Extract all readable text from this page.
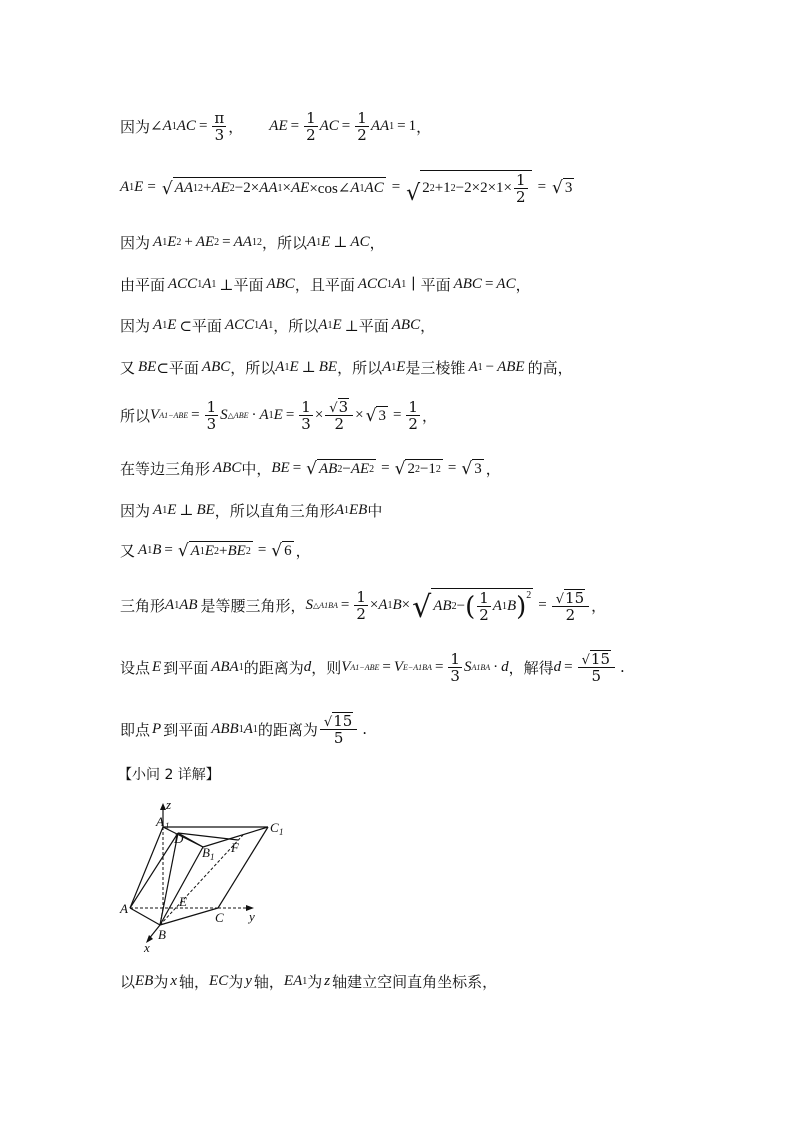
因为 ∠ A 1 AC = $\frac{\pi}{3}$ ， AE = $\frac{1}{2}$ AC = $\frac{1}{2}$ AA 1 = 1 ，
A 1 E = √ AA 1 2 + AE 2 −2× AA 1 × AE ×cos∠ A 1 AC = √ 2 2 +1 $2 -2\times 2\times 1\times \frac{1}{2}$ = √ 3
因为 A 1 E 2 + AE 2 = AA 1 2 ，所以 A 1 E ⊥ AC ，
由平面 ACC 1 A 1 ⊥平面 ABC ，且平面 ACC 1 A 1 ∣ 平面 ABC = AC ，
因为 A 1 E ⊂平面 ACC 1 A 1 ，所以 A 1 E ⊥平面 ABC ，
又 BE ⊂平面 ABC ，所以 A 1 E ⊥ BE ，所以 A 1 E 是三棱锥 A 1 − ABE 的高，
所以 V $A1-ABE = \frac{1}{3}$ S △ABE · A 1 $E = \frac{1}{3} \times \frac{√ 3}{2}$ × √ $3 = \frac{1}{2}$ ，
在等边三角形 ABC 中， BE = √ AB 2 − AE 2 = √ 2 2 −1 2 = √ 3 ，
因为 A 1 E ⊥ BE ，所以直角三角形 A 1 EB 中
又 A 1 B = √ A 1 E 2 + BE 2 = √ 6 ，
三角形 A 1 AB 是等腰三角形， S △A1BA = $\frac{1}{2} \times A$ 1 B × √ AB 2 − ( $\frac{1}{2}$ A 1 B )$^2$
= $\frac{√ 15}{2}$ ，
设点 E 到平面 ABA 1 的距离为 d ，则 V A1−ABE = V $E-A1BA = \frac{1}{3}$ S A1BA · d ，解得 $d = \frac{√ 15}{5}$ .
即点 P 到平面 ABB 1 A 1 的距离为 $\frac{√ 15}{5}$ .
【小问 2 详解】
z
A 1	C 1
D
B 1
F
A	E
C y
B
x
以 EB 为 x 轴， EC 为 y 轴， EA 1 为 z 轴建立空间直角坐标系，
